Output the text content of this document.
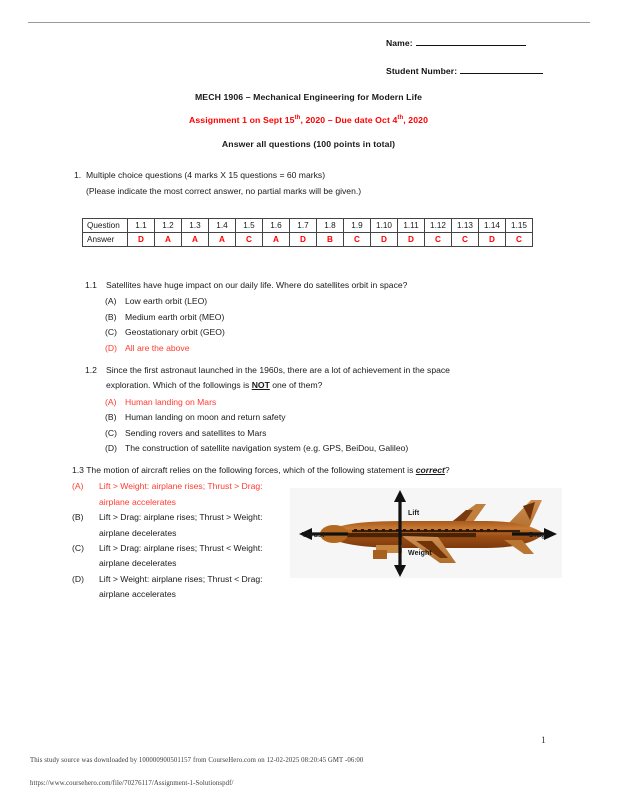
Name:
Student Number:
MECH 1906 – Mechanical Engineering for Modern Life
Assignment 1 on Sept 15th, 2020 – Due date Oct 4th, 2020
Answer all questions (100 points in total)
1. Multiple choice questions (4 marks X 15 questions = 60 marks)
(Please indicate the most correct answer, no partial marks will be given.)
Question	1.1	1.2	1.3	1.4	1.5	1.6	1.7	1.8	1.9	1.10	1.11	1.12	1.13	1.14	1.15
Answer	D	A	A	A	C	A	D	B	C	D	D	C	C	D	C
1.1 Satellites have huge impact on our daily life. Where do satellites orbit in space?
(A) Low earth orbit (LEO)
(B) Medium earth orbit (MEO)
(C) Geostationary orbit (GEO)
(D) All are the above
1.2 Since the first astronaut launched in the 1960s, there are a lot of achievement in the space
exploration. Which of the followings is NOT one of them?
(A) Human landing on Mars
(B) Human landing on moon and return safety
(C) Sending rovers and satellites to Mars
(D) The construction of satellite navigation system (e.g. GPS, BeiDou, Galileo)
1.3 The motion of aircraft relies on the following forces, which of the following statement is correct?
(A) Lift > Weight: airplane rises; Thrust > Drag: airplane accelerates
(B) Lift > Drag: airplane rises; Thrust > Weight: airplane decelerates
(C) Lift > Drag: airplane rises; Thrust < Weight: airplane decelerates
(D) Lift > Weight: airplane rises; Thrust < Drag: airplane accelerates
Lift
Weight
Thrust	Drag
1
This study source was downloaded by 100000900501157 from CourseHero.com on 12-02-2025 08:20:45 GMT -06:00
https://www.coursehero.com/file/70276117/Assignment-1-Solutionspdf/
